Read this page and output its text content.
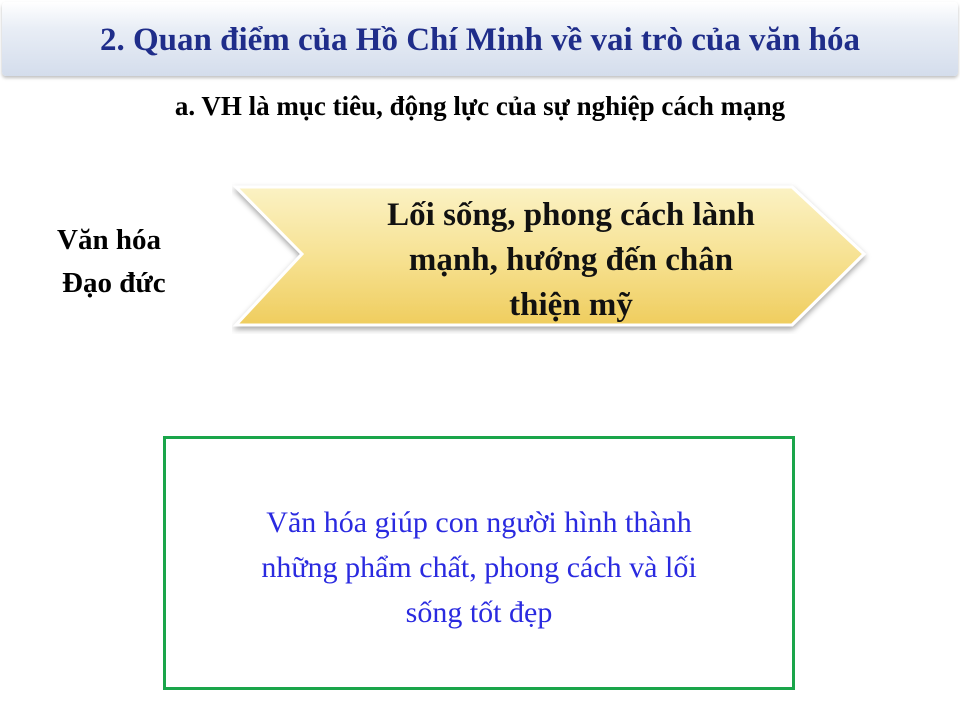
2. Quan điểm của Hồ Chí Minh về vai trò của văn hóa
a. VH là mục tiêu, động lực của sự nghiệp cách mạng
Văn hóa
Đạo đức
Lối sống, phong cách lành
mạnh, hướng đến chân
thiện mỹ
Văn hóa giúp con người hình thành
những phẩm chất, phong cách và lối
sống tốt đẹp
